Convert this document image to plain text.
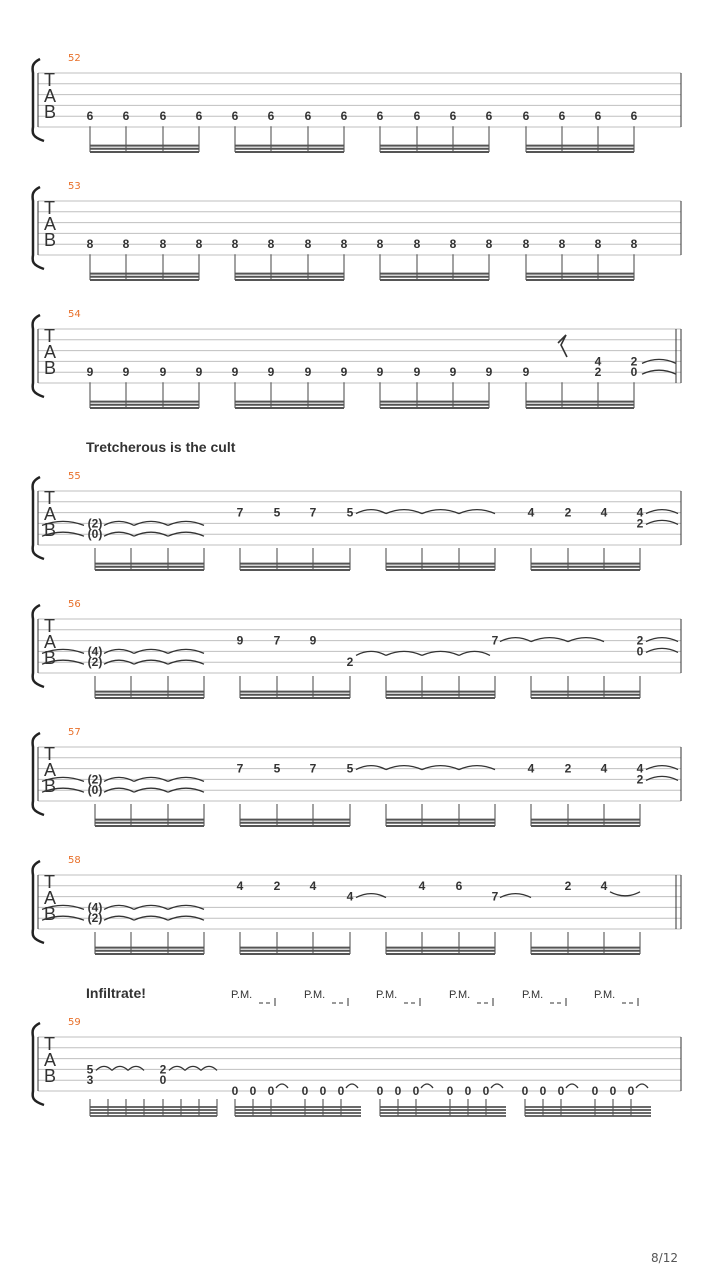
T
A
B
52
6 6	6 6 6 6	6 6 6	6 6 6	6 6 6 6
T
A
B
53
8 8	8 8 8 8	8 8 8	8 8 8	8 8 8 8
T
A
B
54
9 9	9 9 9 9	9 9 9	9 9 9	9
4
2
2
0
Tretcherous is the cult
T
A
B
55
(2)
(0)
7	5 7	5	4	2 4 4
2
T
A
B
56
(4)
(2)
9	7 9
2
7	2
0
T
A
B
57
(2)
(0)
7	5 7	5	4	2 4 4
2
T
A
B
58
(4)
(2)
4	2 4
4
4	6
7
2 4
T
A
B
59
5
3
2
0
0 0 0 0 0 0	0 0 0 0 0 0	0 0 0 0 0 0
Infiltrate!	P.M.	P.M.	P.M.	P.M.	P.M.	P.M.
8/12
